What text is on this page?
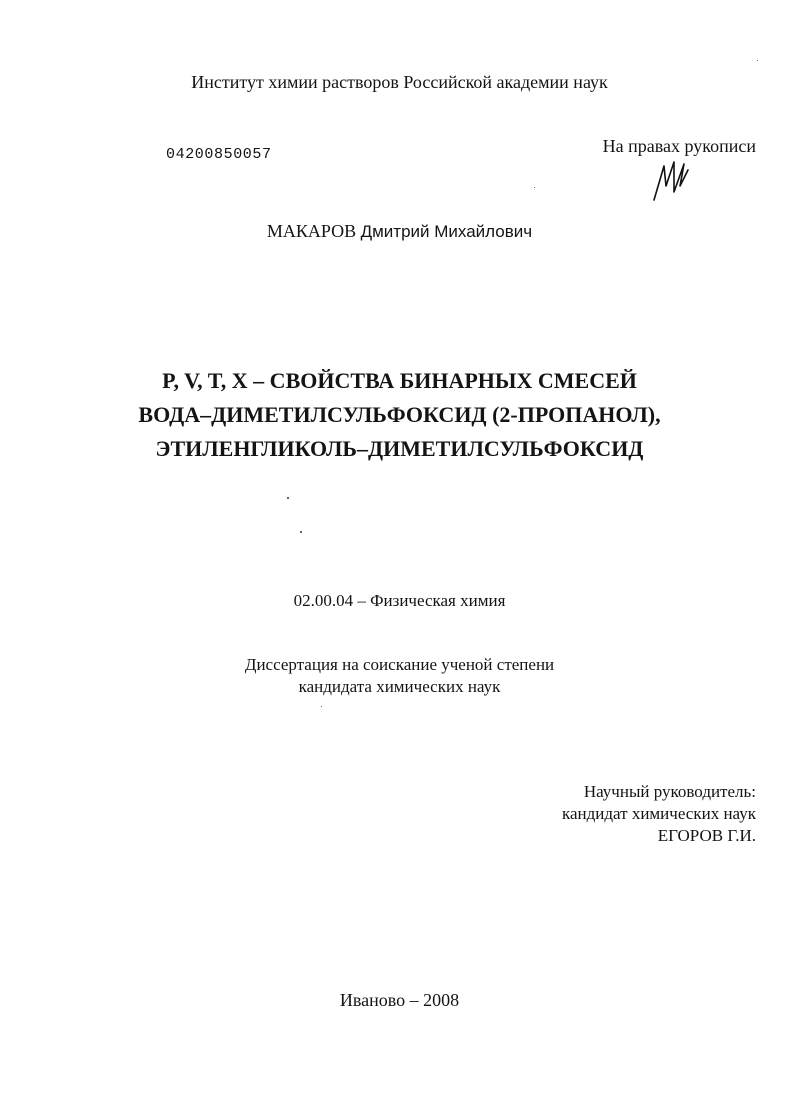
Институт химии растворов Российской академии наук
04200850057	На правах рукописи
МАКАРОВ Дмитрий Михайлович
P, V, T, X – СВОЙСТВА БИНАРНЫХ СМЕСЕЙ
ВОДА–ДИМЕТИЛСУЛЬФОКСИД (2-ПРОПАНОЛ),
ЭТИЛЕНГЛИКОЛЬ–ДИМЕТИЛСУЛЬФОКСИД
02.00.04 – Физическая химия
Диссертация на соискание ученой степени
кандидата химических наук
Научный руководитель:
кандидат химических наук
ЕГОРОВ Г.И.
Иваново – 2008
